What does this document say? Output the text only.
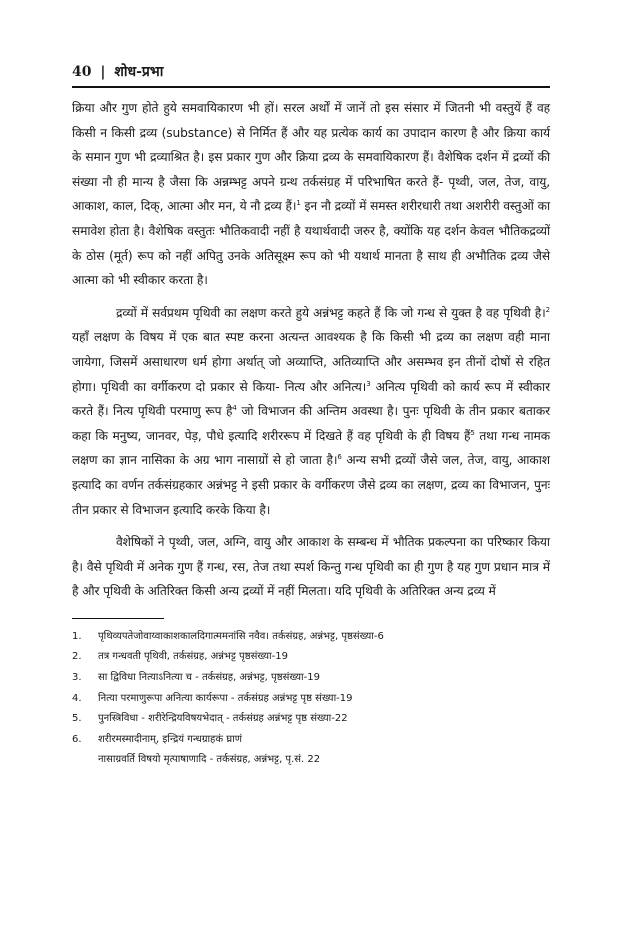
40 | शोध-प्रभा

क्रिया और गुण होते हुये समवायिकारण भी हों। सरल अर्थों में जानें तो इस संसार में जितनी भी वस्तुयें हैं वह किसी न किसी द्रव्य (substance) से निर्मित हैं और यह प्रत्येक कार्य का उपादान कारण है और क्रिया कार्य के समान गुण भी द्रव्याश्रित है। इस प्रकार गुण और क्रिया द्रव्य के समवायिकारण हैं। वैशेषिक दर्शन में द्रव्यों की संख्या नौ ही मान्य है जैसा कि अन्नम्भट्ट अपने ग्रन्थ तर्कसंग्रह में परिभाषित करते हैं- पृथ्वी, जल, तेज, वायु, आकाश, काल, दिक्, आत्मा और मन, ये नौ द्रव्य हैं।$^1$ इन नौ द्रव्यों में समस्त शरीरधारी तथा अशरीरी वस्तुओं का समावेश होता है। वैशेषिक वस्तुतः भौतिकवादी नहीं है यथार्थवादी जरुर है, क्योंकि यह दर्शन केवल भौतिकद्रव्यों के ठोस (मूर्त) रूप को नहीं अपितु उनके अतिसूक्ष्म रूप को भी यथार्थ मानता है साथ ही अभौतिक द्रव्य जैसे आत्मा को भी स्वीकार करता है।

द्रव्यों में सर्वप्रथम पृथिवी का लक्षण करते हुये अन्नंभट्ट कहते हैं कि जो गन्ध से युक्त है वह पृथिवी है।$^2$ यहाँ लक्षण के विषय में एक बात स्पष्ट करना अत्यन्त आवश्यक है कि किसी भी द्रव्य का लक्षण वही माना जायेगा, जिसमें असाधारण धर्म होगा अर्थात् जो अव्याप्ति, अतिव्याप्ति और असम्भव इन तीनों दोषों से रहित होगा। पृथिवी का वर्गीकरण दो प्रकार से किया- नित्य और अनित्य।$^3$ अनित्य पृथिवी को कार्य रूप में स्वीकार करते हैं। नित्य पृथिवी परमाणु रूप है$^4$ जो विभाजन की अन्तिम अवस्था है। पुनः पृथिवी के तीन प्रकार बताकर कहा कि मनुष्य, जानवर, पेड़, पौधे इत्यादि शरीररूप में दिखते हैं वह पृथिवी के ही विषय हैं$^5$ तथा गन्ध नामक लक्षण का ज्ञान नासिका के अग्र भाग नासाग्रों से हो जाता है।$^6$ अन्य सभी द्रव्यों जैसे जल, तेज, वायु, आकाश इत्यादि का वर्णन तर्कसंग्रहकार अन्नंभट्ट ने इसी प्रकार के वर्गीकरण जैसे द्रव्य का लक्षण, द्रव्य का विभाजन, पुनः तीन प्रकार से विभाजन इत्यादि करके किया है।

वैशेषिकों ने पृथ्वी, जल, अग्नि, वायु और आकाश के सम्बन्ध में भौतिक प्रकल्पना का परिष्कार किया है। वैसे पृथिवी में अनेक गुण हैं गन्ध, रस, तेज तथा स्पर्श किन्तु गन्ध पृथिवी का ही गुण है यह गुण प्रधान मात्र में है और पृथिवी के अतिरिक्त किसी अन्य द्रव्यों में नहीं मिलता। यदि पृथिवी के अतिरिक्त अन्य द्रव्य में

1.	पृथिव्यपतेजोवाय्वाकाशकालदिगात्ममनांसि नवैव। तर्कसंग्रह, अन्नंभट्ट, पृष्ठसंख्या-6
2.	तत्र गन्धवती पृथिवी, तर्कसंग्रह, अन्नंभट्ट पृष्ठसंख्या-19
3.	सा द्विविधा नित्याऽनित्या च - तर्कसंग्रह, अन्नंभट्ट, पृष्ठसंख्या-19
4.	नित्या परमाणुरूपा अनित्या कार्यरूपा - तर्कसंग्रह अन्नंभट्ट पृष्ठ संख्या-19
5.	पुनस्त्रिविधा - शरीरेन्द्रियविषयभेदात् - तर्कसंग्रह अन्नंभट्ट पृष्ठ संख्या-22
6.	शरीरमस्मादीनाम्, इन्द्रियं गन्धग्राहकं घ्राणं
नासाग्रवर्ति विषयो मृत्पाषाणादि - तर्कसंग्रह, अन्नंभट्ट, पृ.सं. 22
